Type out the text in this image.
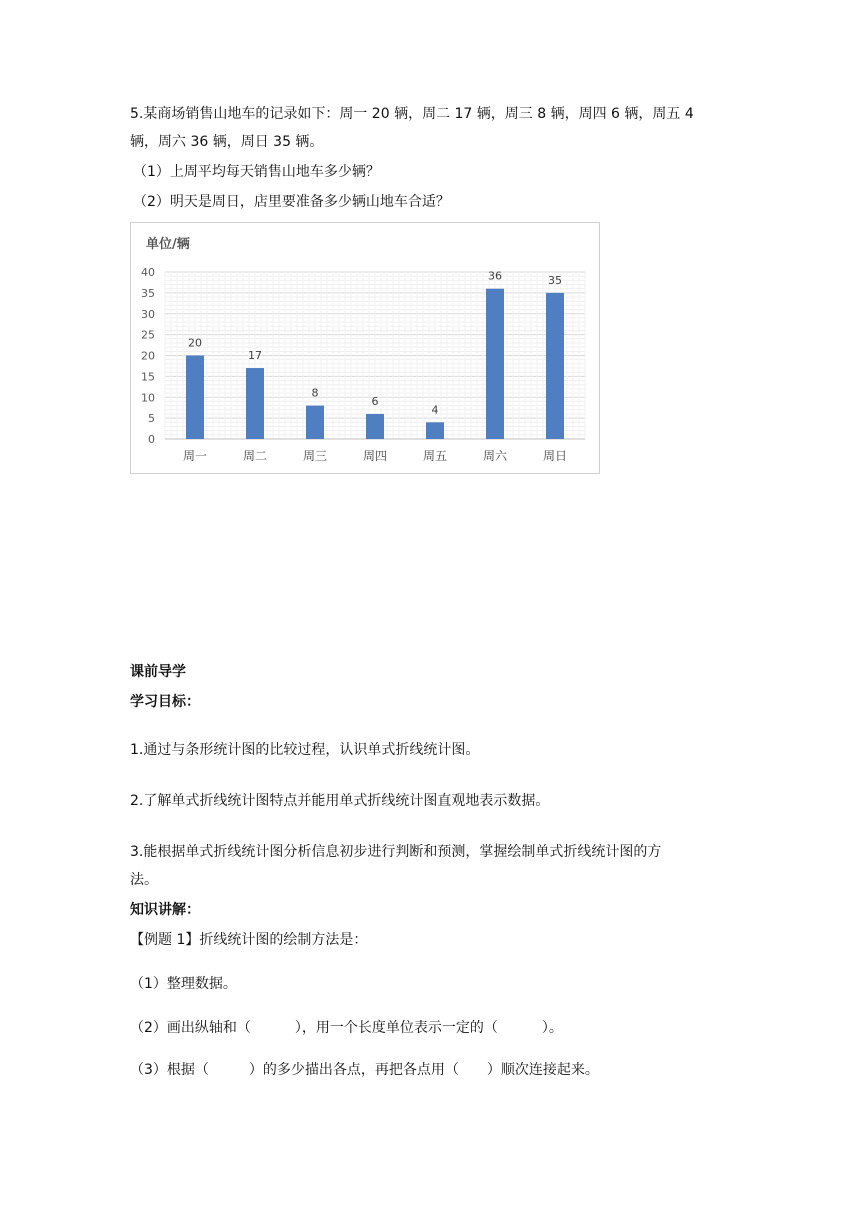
5.某商场销售山地车的记录如下：周一 20 辆，周二 17 辆，周三 8 辆，周四 6 辆，周五 4
辆，周六 36 辆，周日 35 辆。
（1）上周平均每天销售山地车多少辆？
（2）明天是周日，店里要准备多少辆山地车合适？
单位/辆
0
5
10
15
20
25
30
35
40
20
17
8
6
4
36	35
周一	周二	周三	周四	周五	周六	周日
课前导学
学习目标：
1.通过与条形统计图的比较过程，认识单式折线统计图。
2.了解单式折线统计图特点并能用单式折线统计图直观地表示数据。
3.能根据单式折线统计图分析信息初步进行判断和预测，掌握绘制单式折线统计图的方
法。
知识讲解：
【例题 1】折线统计图的绘制方法是：
（1）整理数据。
（2）画出纵轴和（	），用一个长度单位表示一定的（	）。
（3）根据（	）的多少描出各点，再把各点用（ ）顺次连接起来。
